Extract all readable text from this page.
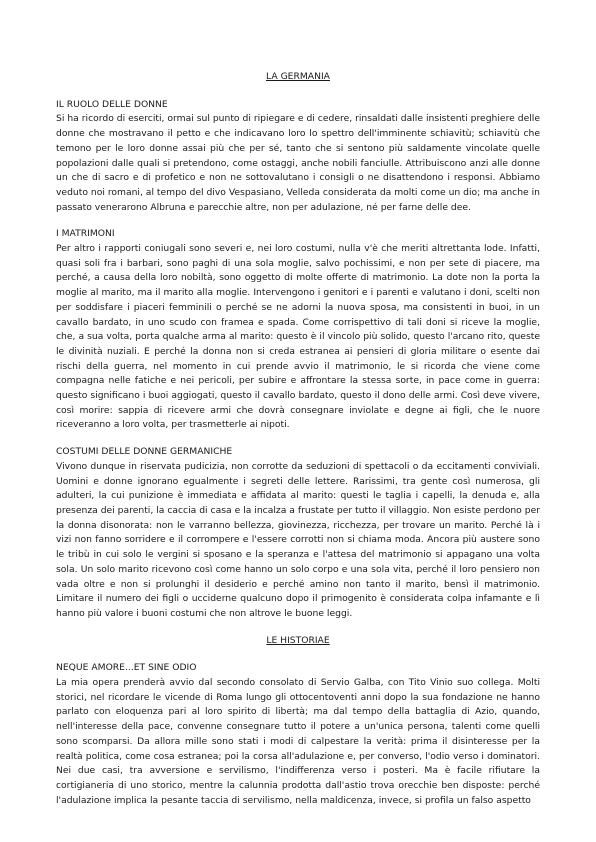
LA GERMANIA
IL RUOLO DELLE DONNE

Si ha ricordo di eserciti, ormai sul punto di ripiegare e di cedere, rinsaldati dalle insistenti preghiere delle donne che mostravano il petto e che indicavano loro lo spettro dell'imminente schiavitù; schiavitù che temono per le loro donne assai più che per sé, tanto che si sentono più saldamente vincolate quelle popolazioni dalle quali si pretendono, come ostaggi, anche nobili fanciulle. Attribuiscono anzi alle donne un che di sacro e di profetico e non ne sottovalutano i consigli o ne disattendono i responsi. Abbiamo veduto noi romani, al tempo del divo Vespasiano, Velleda considerata da molti come un dio; ma anche in passato venerarono Albruna e parecchie altre, non per adulazione, né per farne delle dee.

I MATRIMONI

Per altro i rapporti coniugali sono severi e, nei loro costumi, nulla v'è che meriti altrettanta lode. Infatti, quasi soli fra i barbari, sono paghi di una sola moglie, salvo pochissimi, e non per sete di piacere, ma perché, a causa della loro nobiltà, sono oggetto di molte offerte di matrimonio. La dote non la porta la moglie al marito, ma il marito alla moglie. Intervengono i genitori e i parenti e valutano i doni, scelti non per soddisfare i piaceri femminili o perché se ne adorni la nuova sposa, ma consistenti in buoi, in un cavallo bardato, in uno scudo con framea e spada. Come corrispettivo di tali doni si riceve la moglie, che, a sua volta, porta qualche arma al marito: questo è il vincolo più solido, questo l'arcano rito, queste le divinità nuziali. E perché la donna non si creda estranea ai pensieri di gloria militare o esente dai rischi della guerra, nel momento in cui prende avvio il matrimonio, le si ricorda che viene come compagna nelle fatiche e nei pericoli, per subire e affrontare la stessa sorte, in pace come in guerra: questo significano i buoi aggiogati, questo il cavallo bardato, questo il dono delle armi. Così deve vivere, così morire: sappia di ricevere armi che dovrà consegnare inviolate e degne ai figli, che le nuore riceveranno a loro volta, per trasmetterle ai nipoti.

COSTUMI DELLE DONNE GERMANICHE

Vivono dunque in riservata pudicizia, non corrotte da seduzioni di spettacoli o da eccitamenti conviviali. Uomini e donne ignorano egualmente i segreti delle lettere. Rarissimi, tra gente così numerosa, gli adulteri, la cui punizione è immediata e affidata al marito: questi le taglia i capelli, la denuda e, alla presenza dei parenti, la caccia di casa e la incalza a frustate per tutto il villaggio. Non esiste perdono per la donna disonorata: non le varranno bellezza, giovinezza, ricchezza, per trovare un marito. Perché là i vizi non fanno sorridere e il corrompere e l'essere corrotti non si chiama moda. Ancora più austere sono le tribù in cui solo le vergini si sposano e la speranza e l'attesa del matrimonio si appagano una volta sola. Un solo marito ricevono così come hanno un solo corpo e una sola vita, perché il loro pensiero non vada oltre e non si prolunghi il desiderio e perché amino non tanto il marito, bensì il matrimonio. Limitare il numero dei figli o ucciderne qualcuno dopo il primogenito è considerata colpa infamante e lì hanno più valore i buoni costumi che non altrove le buone leggi.

LE HISTORIAE
NEQUE AMORE...ET SINE ODIO

La mia opera prenderà avvio dal secondo consolato di Servio Galba, con Tito Vinio suo collega. Molti storici, nel ricordare le vicende di Roma lungo gli ottocentoventi anni dopo la sua fondazione ne hanno parlato con eloquenza pari al loro spirito di libertà; ma dal tempo della battaglia di Azio, quando, nell'interesse della pace, convenne consegnare tutto il potere a un'unica persona, talenti come quelli sono scomparsi. Da allora mille sono stati i modi di calpestare la verità: prima il disinteresse per la realtà politica, come cosa estranea; poi la corsa all'adulazione e, per converso, l'odio verso i dominatori. Nei due casi, tra avversione e servilismo, l'indifferenza verso i posteri. Ma è facile rifiutare la cortigianeria di uno storico, mentre la calunnia prodotta dall'astio trova orecchie ben disposte: perché l'adulazione implica la pesante taccia di servilismo, nella maldicenza, invece, si profila un falso aspetto
